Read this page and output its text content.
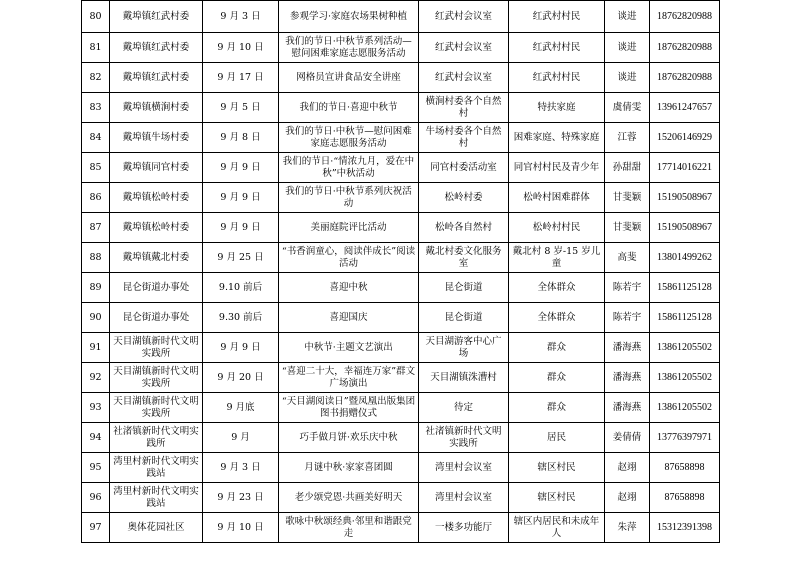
80	戴埠镇红武村委	9 月 3 日	参观学习·家庭农场果树种植	红武村会议室	红武村村民	谈进	18762820988
81	戴埠镇红武村委	9 月 10 日	我们的节日·中秋节系列活动—慰问困难家庭志愿服务活动	红武村会议室	红武村村民	谈进	18762820988
82	戴埠镇红武村委	9 月 17 日	网格员宣讲食品安全讲座	红武村会议室	红武村村民	谈进	18762820988
83	戴埠镇横涧村委	9 月 5 日	我们的节日·喜迎中秋节	横涧村委各个自然村	特扶家庭	虞倩雯	13961247657
84	戴埠镇牛场村委	9 月 8 日	我们的节日·中秋节—慰问困难家庭志愿服务活动	牛场村委各个自然村	困难家庭、特殊家庭	江蓉	15206146929
85	戴埠镇同官村委	9 月 9 日	我们的节日·“情浓九月，爱在中秋”中秋活动	同官村委活动室	同官村村民及青少年	孙甜甜	17714016221
86	戴埠镇松岭村委	9 月 9 日	我们的节日·中秋节系列庆祝活动	松岭村委	松岭村困难群体	甘斐颖	15190508967
87	戴埠镇松岭村委	9 月 9 日	美丽庭院评比活动	松岭各自然村	松岭村村民	甘斐颖	15190508967
88	戴埠镇戴北村委	9 月 25 日	“书香润童心，阅读伴成长”阅读活动	戴北村委文化服务室	戴北村 8 岁-15 岁儿童	高斐	13801499262
89	昆仑街道办事处	9.10 前后	喜迎中秋	昆仑街道	全体群众	陈若宇	15861125128
90	昆仑街道办事处	9.30 前后	喜迎国庆	昆仑街道	全体群众	陈若宇	15861125128
91	天目湖镇新时代文明实践所	9 月 9 日	中秋节·主题文艺演出	天目湖游客中心广场	群众	潘海燕	13861205502
92	天目湖镇新时代文明实践所	9 月 20 日	“喜迎二十大，幸福连万家”群文广场演出	天目湖镇洙漕村	群众	潘海燕	13861205502
93	天目湖镇新时代文明实践所	9 月底	“天目湖阅读日”暨凤凰出版集团图书捐赠仪式	待定	群众	潘海燕	13861205502
94	社渚镇新时代文明实践所	9 月	巧手做月饼·欢乐庆中秋	社渚镇新时代文明实践所	居民	姜倩倩	13776397971
95	湾里村新时代文明实践站	9 月 3 日	月谜中秋·家家喜团圆	湾里村会议室	辖区村民	赵翊	87658898
96	湾里村新时代文明实践站	9 月 23 日	老少颂党恩·共画美好明天	湾里村会议室	辖区村民	赵翊	87658898
97	奥体花园社区	9 月 10 日	歌咏中秋颂经典·邻里和谐跟党走	一楼多功能厅	辖区内居民和未成年人	朱萍	15312391398
